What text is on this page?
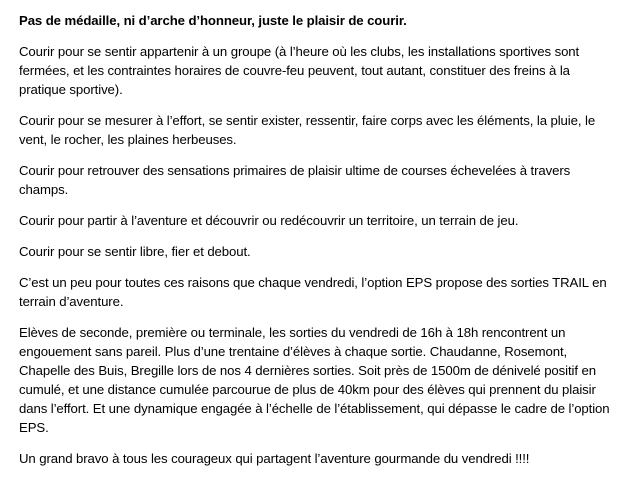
Pas de médaille, ni d’arche d’honneur, juste le plaisir de courir.

Courir pour se sentir appartenir à un groupe (à l’heure où les clubs, les installations sportives sont fermées, et les contraintes horaires de couvre-feu peuvent, tout autant, constituer des freins à la pratique sportive).

Courir pour se mesurer à l’effort, se sentir exister, ressentir, faire corps avec les éléments, la pluie, le vent, le rocher, les plaines herbeuses.

Courir pour retrouver des sensations primaires de plaisir ultime de courses échevelées à travers champs.

Courir pour partir à l’aventure et découvrir ou redécouvrir un territoire, un terrain de jeu.

Courir pour se sentir libre, fier et debout.

C’est un peu pour toutes ces raisons que chaque vendredi, l’option EPS propose des sorties TRAIL en terrain d’aventure.

Elèves de seconde, première ou terminale, les sorties du vendredi de 16h à 18h rencontrent un engouement sans pareil. Plus d’une trentaine d’élèves à chaque sortie. Chaudanne, Rosemont, Chapelle des Buis, Bregille lors de nos 4 dernières sorties. Soit près de 1500m de dénivelé positif en cumulé, et une distance cumulée parcourue de plus de 40km pour des élèves qui prennent du plaisir dans l’effort. Et une dynamique engagée à l’échelle de l’établissement, qui dépasse le cadre de l’option EPS.

Un grand bravo à tous les courageux qui partagent l’aventure gourmande du vendredi !!!!
